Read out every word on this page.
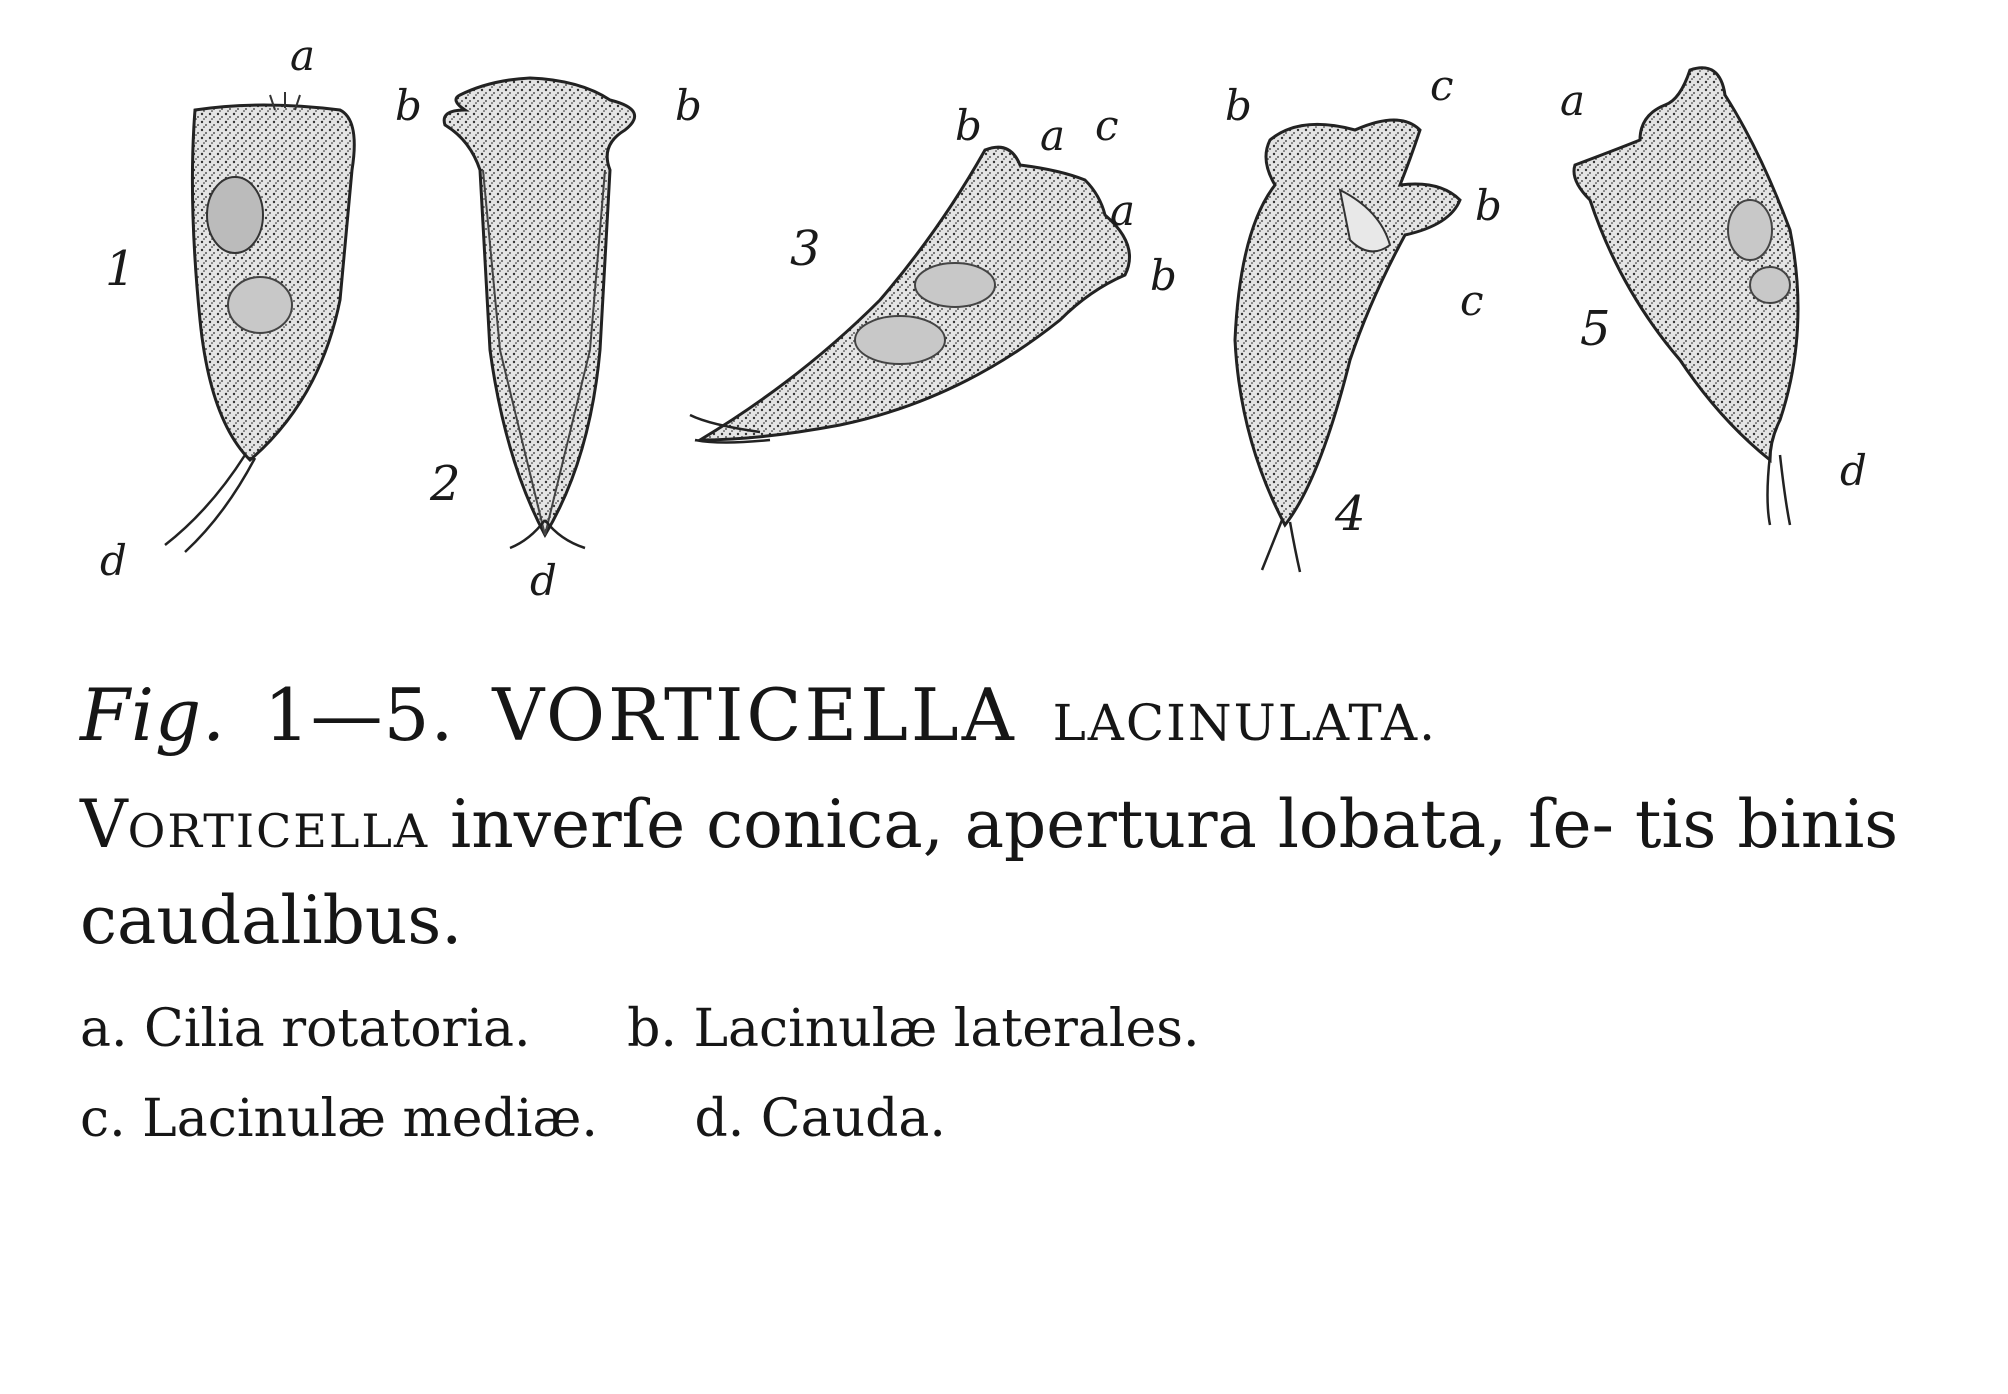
1
a
d
2
b	b
d
3
b a c
a
b
4
b	c
b
c
5
a
d
Fig. 1—5. VORTICELLA LACINULATA.
VORTICELLA inverſe conica, apertura lobata, ſe- tis binis caudalibus.
a. Cilia rotatoria. b. Lacinulæ laterales.
c. Lacinulæ mediæ. d. Cauda.
